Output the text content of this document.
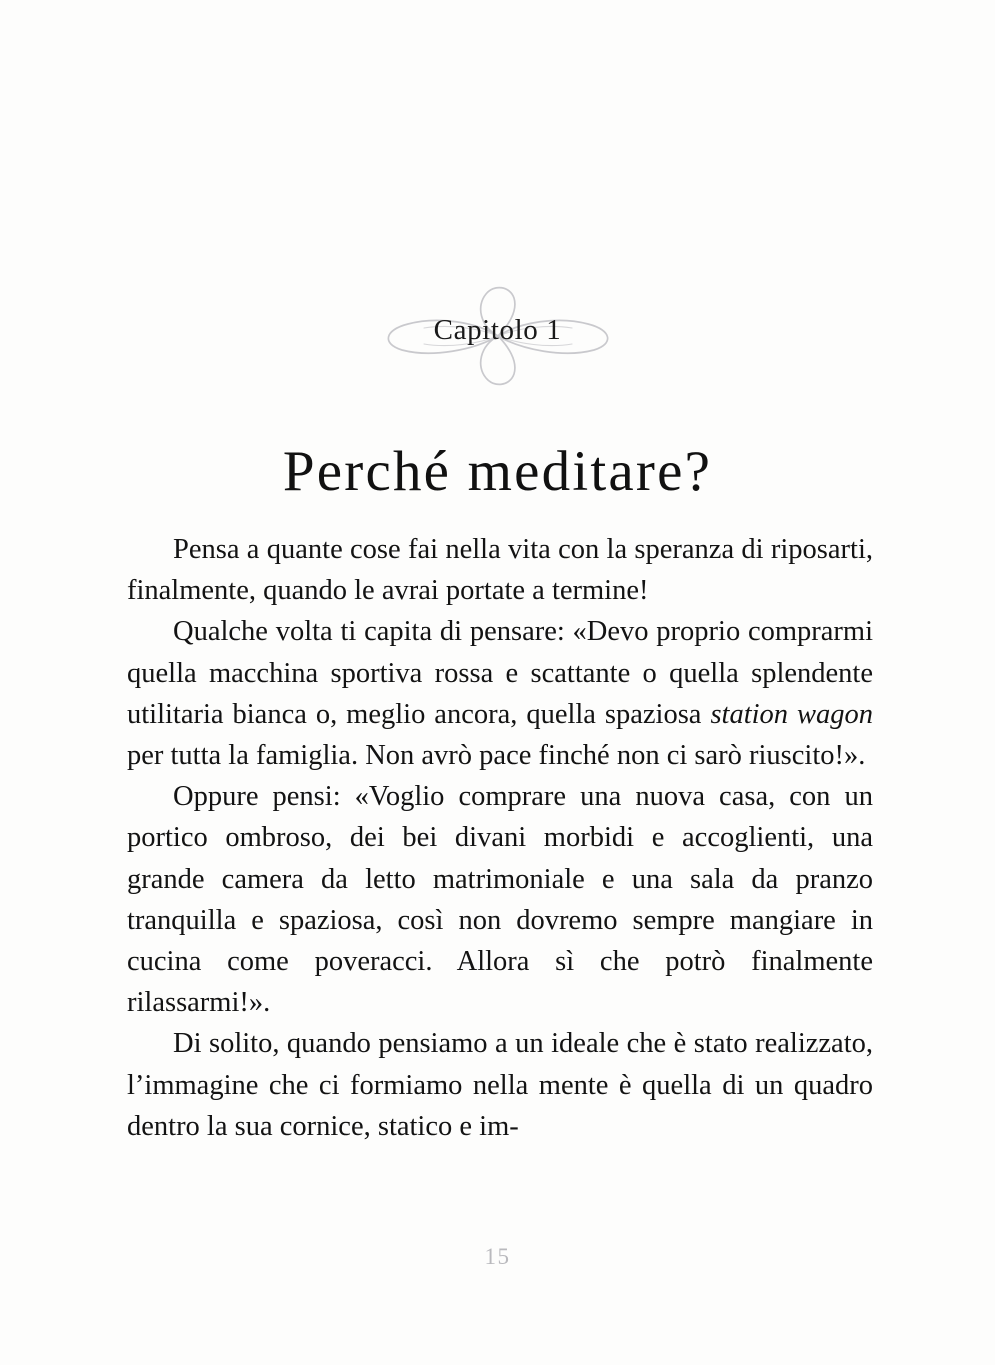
Capitolo 1
Perché meditare?

Pensa a quante cose fai nella vita con la speranza di riposarti, finalmente, quando le avrai portate a termine!

Qualche volta ti capita di pensare: «Devo proprio comprarmi quella macchina sportiva rossa e scattante o quella splendente utilitaria bianca o, meglio ancora, quella spaziosa station wagon per tutta la famiglia. Non avrò pace finché non ci sarò riuscito!».

Oppure pensi: «Voglio comprare una nuova casa, con un portico ombroso, dei bei divani morbidi e accoglienti, una grande camera da letto matrimoniale e una sala da pranzo tranquilla e spaziosa, così non dovremo sempre mangiare in cucina come poveracci. Allora sì che potrò finalmente rilassarmi!».

Di solito, quando pensiamo a un ideale che è stato realizzato, l’immagine che ci formiamo nella mente è quella di un quadro dentro la sua cornice, statico e im-

15
